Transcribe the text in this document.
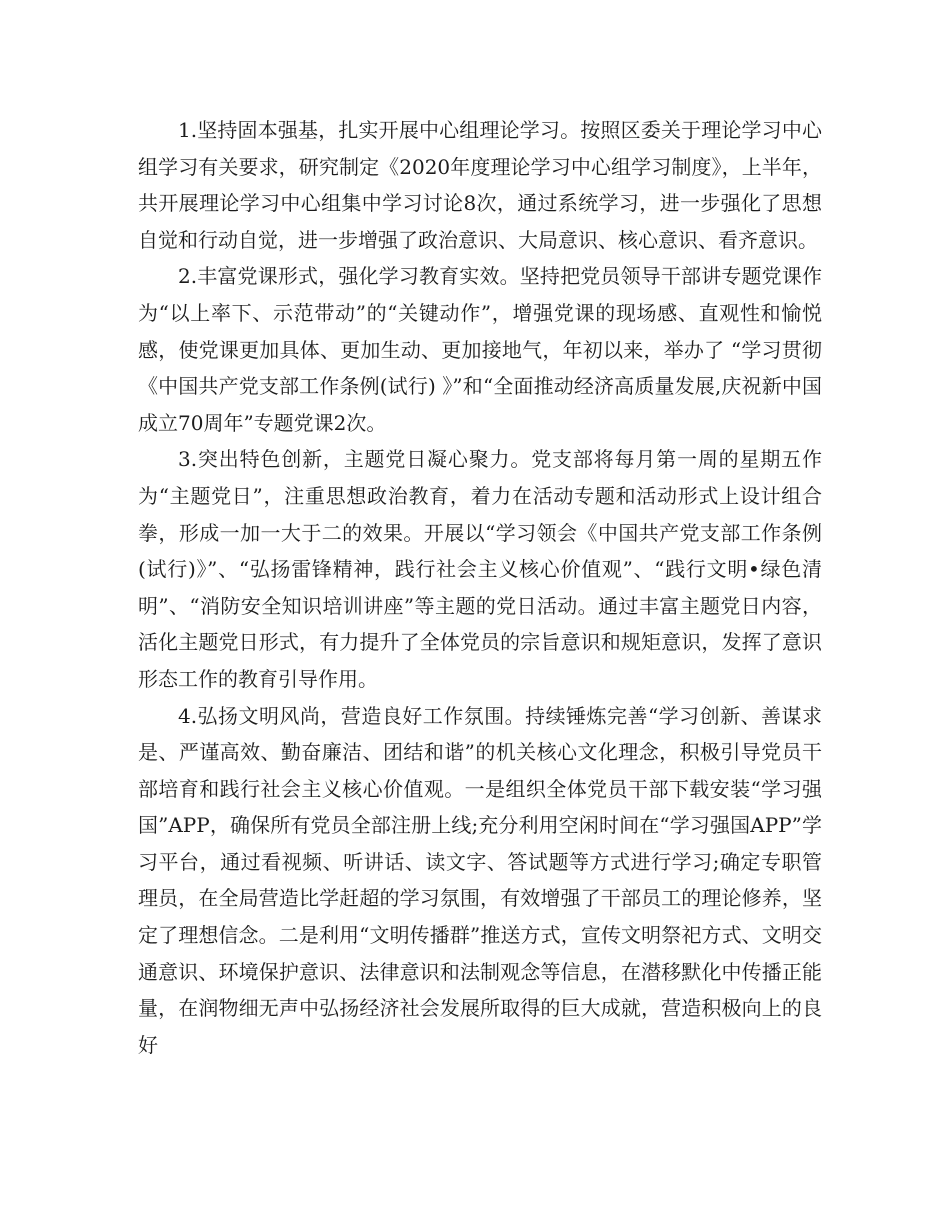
1.坚持固本强基，扎实开展中心组理论学习。按照区委关于理论学习中心组学习有关要求，研究制定《2020年度理论学习中心组学习制度》，上半年，共开展理论学习中心组集中学习讨论8次，通过系统学习，进一步强化了思想自觉和行动自觉，进一步增强了政治意识、大局意识、核心意识、看齐意识。

2.丰富党课形式，强化学习教育实效。坚持把党员领导干部讲专题党课作为“以上率下、示范带动”的“关键动作”，增强党课的现场感、直观性和愉悦感，使党课更加具体、更加生动、更加接地气，年初以来，举办了 “学习贯彻《中国共产党支部工作条例(试行) 》”和“全面推动经济高质量发展,庆祝新中国成立70周年”专题党课2次。

3.突出特色创新，主题党日凝心聚力。党支部将每月第一周的星期五作为“主题党日”，注重思想政治教育，着力在活动专题和活动形式上设计组合拳，形成一加一大于二的效果。开展以“学习领会《中国共产党支部工作条例(试行)》”、“弘扬雷锋精神，践行社会主义核心价值观”、“践行文明•绿色清明”、“消防安全知识培训讲座”等主题的党日活动。通过丰富主题党日内容，活化主题党日形式，有力提升了全体党员的宗旨意识和规矩意识，发挥了意识形态工作的教育引导作用。

4.弘扬文明风尚，营造良好工作氛围。持续锤炼完善“学习创新、善谋求是、严谨高效、勤奋廉洁、团结和谐”的机关核心文化理念，积极引导党员干部培育和践行社会主义核心价值观。一是组织全体党员干部下载安装“学习强国”APP，确保所有党员全部注册上线;充分利用空闲时间在“学习强国APP”学习平台，通过看视频、听讲话、读文字、答试题等方式进行学习;确定专职管理员，在全局营造比学赶超的学习氛围，有效增强了干部员工的理论修养，坚定了理想信念。二是利用“文明传播群”推送方式，宣传文明祭祀方式、文明交通意识、环境保护意识、法律意识和法制观念等信息，在潜移默化中传播正能量，在润物细无声中弘扬经济社会发展所取得的巨大成就，营造积极向上的良好
